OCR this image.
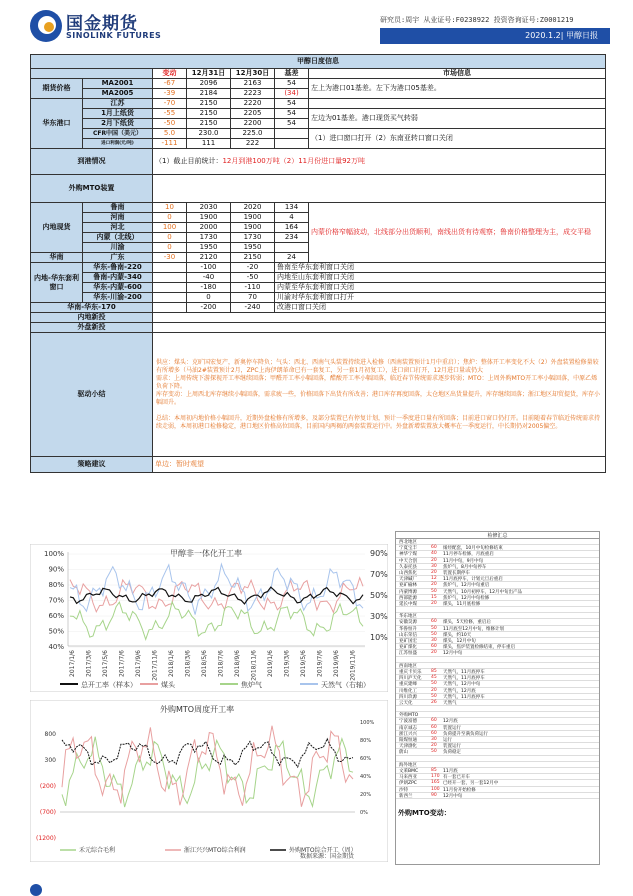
国金期货
SINOLINK FUTURES
研究员:周宇 从业证号:F0238922 投资咨询证号:Z0001219
2020.1.2| 甲醇日报
甲醇日度信息						
		变动	12月31日	12月30日	基差	市场信息
期货价格	MA2001	-67	2096	2163	54	左上为港口01基差。左下为港口05基差。
	MA2005	-39	2184	2223	(34)	
华东港口	江苏	-70	2150	2220	54	
	1月上纸货	-55	2150	2205	54	左边为01基差。港口现货买气转弱
	2月下纸货	-50	2150	2200	54	
	CFR中国（美元）	5.0	230.0	225.0		（1）进口窗口打开（2）东南亚转口窗口关闭
	进口利润(元/吨)	-111	111	222		
到港情况		（1）截止目前统计：12月到港100万吨（2）11月份进口量92万吨				
外购MTO装置						
内地现货	鲁南	10	2030	2020	134	内蒙价格窄幅波动，北线部分出货顺利，南线出货有待观察；鲁南价格整理为主，成交平稳
	河南	0	1900	1900	4	
	河北	100	2000	1900	164	
	内蒙（北线）	0	1730	1730	234	
	川渝	0	1950	1950		
华南	广东	-30	2120	2150	24	
内地-华东套利窗口	华东-鲁南-220		-100	-20	鲁南至华东套利窗口关闭	
	鲁南-内蒙-340		-40	-50	内地至山东套利窗口关闭	
	华东-内蒙-600		-180	-110	内蒙至华东套利窗口关闭	
	华东-川渝-200		0	70	川渝对华东套利窗口打开	
华南-华东-170			-200	-240	改港口窗口关闭	
内地新投						
外盘新投						
驱动小结		供应：煤头：克旷国宏复产，新奥停车降负；气头：西北、西南气头装置持续进入检修（西南装置预计1月中重启）；焦炉：整体开工率变化不大（2）外盘装置检修量较有所增多（马油2#装置预计2月，ZPC上海伊朗革命已有一套复工，另一套1月初复工），进口窗口打开，12月进口量或仍大
需求：上周传统下游探视开工率继续回落；甲醛开工率小幅回落，醋酸开工率小幅回落，临近春节传统需求逐步转弱；MTO：上周外购MTO开工率小幅回落，中原乙烯负荷下降。
库存变动：上周西北库存继续小幅回落，需求疲一些，价格回落下出货有所改善；港口库存再度回落，太仓地区出货量提升，库存继续回落；浙江地区却贸提货，库存小幅回升。
总结：本周初内地价格小幅回升，近期外盘检修有所增多，及部分装置已有停复计划，预计一季度进口量有所回落；目前进口窗口仍打开。目前随着春节临近传统需求持续走弱，本周初港口检修稳定，港口地区价格高位回落，目前国内两褐的两套装置运行中。外盘新增装置放大概率在一季度运行，中长期仍对2005偏空。				

策略建议		单边：暂时观望				
甲醇非一体化开工率
100%
90%
80%
70%
60%
50%
40%
90%
70%
50%
30%
10%
2017/1/6 2017/3/6 2017/5/6 2017/7/6 2017/9/6 2017/11/6 2018/1/6 2018/3/6 2018/5/6 2018/7/6 2018/9/6 2018/11/6 2019/1/6 2019/3/6 2019/5/6 2019/7/6 2019/9/6 2019/11/6
总开工率（样本）	煤头	焦炉气	天然气（右轴）
外购MTO周度开工率
800
300
(200)
(700)
(1200)
100%
80%
60%
40%
20%
0%
禾元综合毛利	浙江兴兴MTO综合利润	外购MTO综合开工（周）
数据来源：国金期货
检修汇总
西北地区
宁夏宝丰	60	烯烃配套，10月中旬检修结束
神华宁煤	40	11月停车检修，月底重启
中天合创	20	11月中旬，9月中旬
久泰托县	30	焦炉气，8月中旬停车
山西焦化	20	装置长期停车
天津碱厂	12	11月底停车，计划元旦后重启
兖矿榆林	20	焦炉气，12月中旬重启
内蒙博源	50	天然气，10月初停车，12月中旬出产品
西部能源	15	焦炉气，12月中旬检修
延长中煤	20	煤头，11月底检修
华东地区
安徽昊源	60	煤头，5天检修，重启后
华鲁恒升	50	11月底至12月中旬，维修计划
山东荣信	50	煤头，约10天
兖矿国宏	30	煤头，12月中旬
兖矿煤化	60	煤头，焦炉装置检修结束，停车重启
江苏恒盛	20	12月中旬
西南地区
重庆卡贝乐	85	天然气，11月底停车
四川泸天化	45	天然气，11月底停车
重庆建峰	50	天然气，12月中旬
川维化工	20	天然气，12月底
四川玖源	50	天然气，11月底停车
云天化	26	天然气
外购MTO
宁波富德	60	12月底
南京诚志	60	装置运行
浙江兴兴	60	负荷提升至满负荷运行
阳煤恒通	30	运行
天津渤化	20	装置运行
蔚山	50	负荷稳定
海外地区
文莱BMC	85	11月底
马来西亚	170 有一套已开车
伊朗ZPC	165 已经开一套，另一套12月中
沙特	100 11月份开始检修
新西兰	90	12月中旬
外购MTO变动：
